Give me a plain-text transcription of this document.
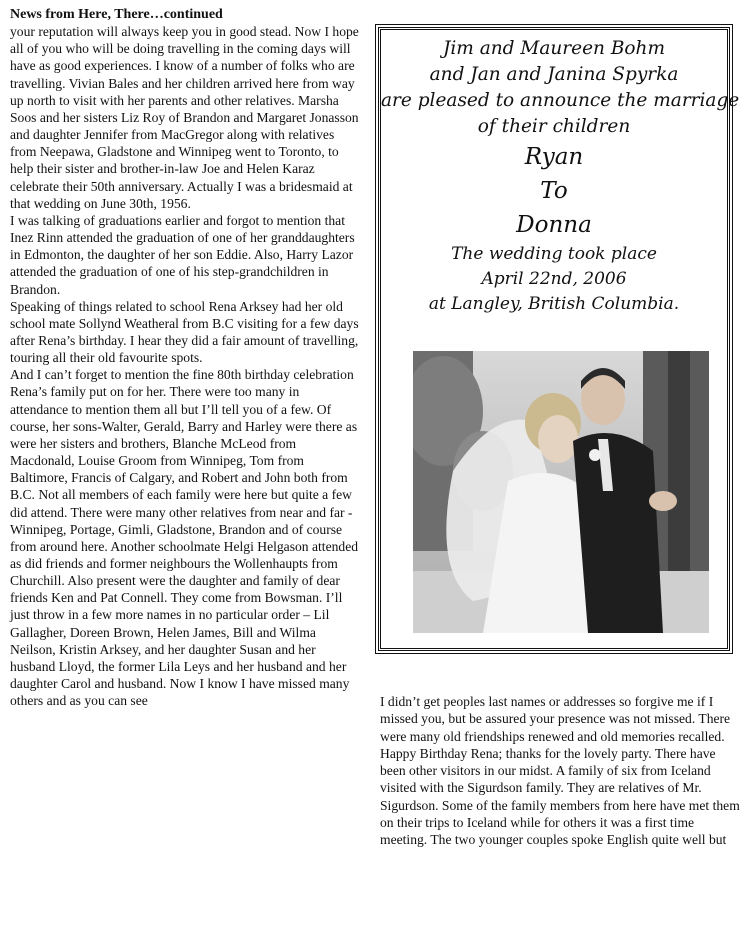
News from Here, There…continued

your reputation will always keep you in good stead. Now I hope all of you who will be doing travelling in the coming days will have as good experiences. I know of a number of folks who are travelling. Vivian Bales and her children arrived here from way up north to visit with her parents and other relatives. Marsha Soos and her sisters Liz Roy of Brandon and Margaret Jonasson and daughter Jennifer from MacGregor along with relatives from Neepawa, Gladstone and Winnipeg went to Toronto, to help their sister and brother-in-law Joe and Helen Karaz celebrate their 50th anniversary. Actually I was a bridesmaid at that wedding on June 30th, 1956.

I was talking of graduations earlier and forgot to mention that Inez Rinn attended the graduation of one of her granddaughters in Edmonton, the daughter of her son Eddie. Also, Harry Lazor attended the graduation of one of his step-grandchildren in Brandon.

Speaking of things related to school Rena Arksey had her old school mate Sollynd Weatheral from B.C visiting for a few days after Rena’s birthday. I hear they did a fair amount of travelling, touring all their old favourite spots.

And I can’t forget to mention the fine 80th birthday celebration Rena’s family put on for her. There were too many in attendance to mention them all but I’ll tell you of a few. Of course, her sons-Walter, Gerald, Barry and Harley were there as were her sisters and brothers, Blanche McLeod from Macdonald, Louise Groom from Winnipeg, Tom from Baltimore, Francis of Calgary, and Robert and John both from B.C. Not all members of each family were here but quite a few did attend. There were many other relatives from near and far -Winnipeg, Portage, Gimli, Gladstone, Brandon and of course from around here. Another schoolmate Helgi Helgason attended as did friends and former neighbours the Wollenhaupts from Churchill. Also present were the daughter and family of dear friends Ken and Pat Connell. They come from Bowsman. I’ll just throw in a few more names in no particular order – Lil Gallagher, Doreen Brown, Helen James, Bill and Wilma Neilson, Kristin Arksey, and her daughter Susan and her husband Lloyd, the former Lila Leys and her husband and her daughter Carol and husband. Now I know I have missed many others and as you can see

Jim and Maureen Bohm
and Jan and Janina Spyrka
are pleased to announce the marriage
of their children
Ryan
To
Donna
The wedding took place
April 22nd, 2006
at Langley, British Columbia.

I didn’t get peoples last names or addresses so forgive me if I missed you, but be assured your presence was not missed. There were many old friendships renewed and old memories recalled. Happy Birthday Rena; thanks for the lovely party. There have been other visitors in our midst. A family of six from Iceland visited with the Sigurdson family. They are relatives of Mr. Sigurdson. Some of the family members from here have met them on their trips to Iceland while for others it was a first time meeting. The two younger couples spoke English quite well but
